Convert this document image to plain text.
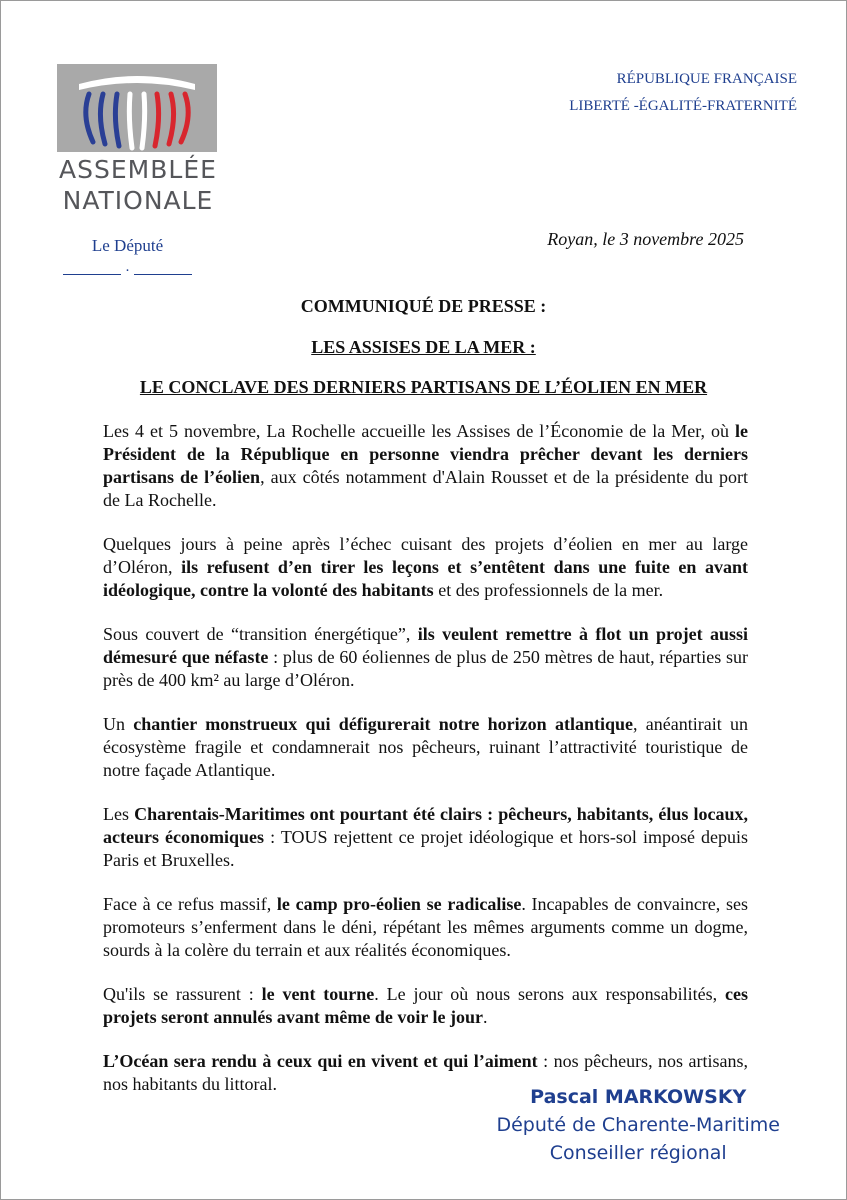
ASSEMBLÉE
NATIONALE
RÉPUBLIQUE FRANÇAISE
LIBERTÉ -ÉGALITÉ-FRATERNITÉ
Le Député
·
Royan, le 3 novembre 2025
COMMUNIQUÉ DE PRESSE :
LES ASSISES DE LA MER :
LE CONCLAVE DES DERNIERS PARTISANS DE L’ÉOLIEN EN MER

Les 4 et 5 novembre, La Rochelle accueille les Assises de l’Économie de la Mer, où le Président de la République en personne viendra prêcher devant les derniers partisans de l’éolien, aux côtés notamment d'Alain Rousset et de la présidente du port de La Rochelle.

Quelques jours à peine après l’échec cuisant des projets d’éolien en mer au large d’Oléron, ils refusent d’en tirer les leçons et s’entêtent dans une fuite en avant idéologique, contre la volonté des habitants et des professionnels de la mer.

Sous couvert de “transition énergétique”, ils veulent remettre à flot un projet aussi démesuré que néfaste : plus de 60 éoliennes de plus de 250 mètres de haut, réparties sur près de 400 km² au large d’Oléron.

Un chantier monstrueux qui défigurerait notre horizon atlantique, anéantirait un écosystème fragile et condamnerait nos pêcheurs, ruinant l’attractivité touristique de notre façade Atlantique.

Les Charentais-Maritimes ont pourtant été clairs : pêcheurs, habitants, élus locaux, acteurs économiques : TOUS rejettent ce projet idéologique et hors-sol imposé depuis Paris et Bruxelles.

Face à ce refus massif, le camp pro-éolien se radicalise. Incapables de convaincre, ses promoteurs s’enferment dans le déni, répétant les mêmes arguments comme un dogme, sourds à la colère du terrain et aux réalités économiques.

Qu'ils se rassurent : le vent tourne. Le jour où nous serons aux responsabilités, ces projets seront annulés avant même de voir le jour.

L’Océan sera rendu à ceux qui en vivent et qui l’aiment : nos pêcheurs, nos artisans, nos habitants du littoral.

Pascal MARKOWSKY
Député de Charente-Maritime
Conseiller régional
